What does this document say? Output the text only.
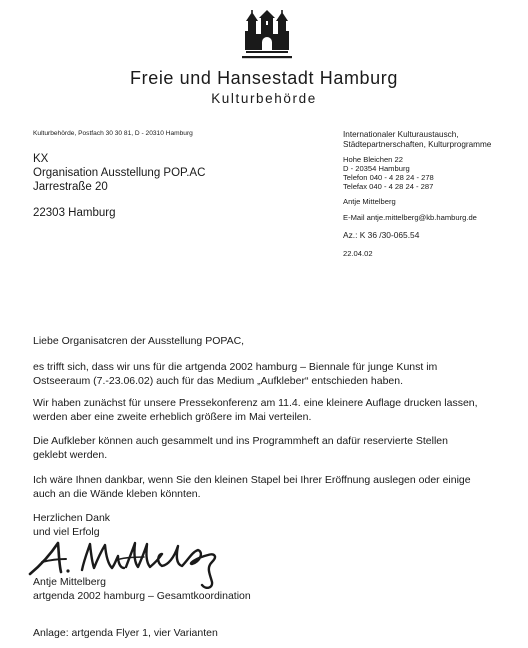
Freie und Hansestadt Hamburg
Kulturbehörde
Kulturbehörde, Postfach 30 30 81, D - 20310 Hamburg
KX
Organisation Ausstellung POP.AC
Jarrestraße 20
22303 Hamburg
Internationaler Kulturaustausch,
Städtepartnerschaften, Kulturprogramme
Hohe Bleichen 22
D - 20354 Hamburg
Telefon 040 - 4 28 24 - 278
Telefax 040 - 4 28 24 - 287
Antje Mittelberg
E-Mail antje.mittelberg@kb.hamburg.de
Az.: K 36 /30-065.54
22.04.02
Liebe Organisatcren der Ausstellung POPAC,
es trifft sich, dass wir uns für die artgenda 2002 hamburg – Biennale für junge Kunst im
Ostseeraum (7.-23.06.02) auch für das Medium „Aufkleber“ entschieden haben.
Wir haben zunächst für unsere Pressekonferenz am 11.4. eine kleinere Auflage drucken lassen,
werden aber eine zweite erheblich größere im Mai verteilen.
Die Aufkleber können auch gesammelt und ins Programmheft an dafür reservierte Stellen
geklebt werden.
Ich wäre Ihnen dankbar, wenn Sie den kleinen Stapel bei Ihrer Eröffnung auslegen oder einige
auch an die Wände kleben könnten.
Herzlichen Dank
und viel Erfolg
Antje Mittelberg
artgenda 2002 hamburg – Gesamtkoordination
Anlage: artgenda Flyer 1, vier Varianten
